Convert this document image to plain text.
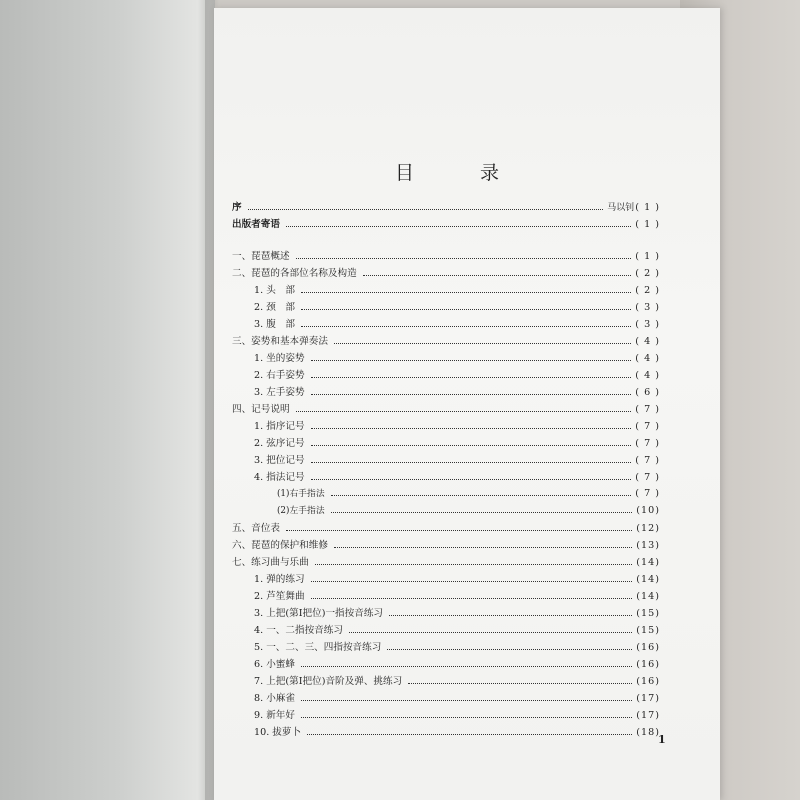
目 录
序	马以钊 ( 1 )
出版者寄语	( 1 )
一、琵琶概述	( 1 )
二、琵琶的各部位名称及构造	( 2 )
1. 头　部	( 2 )
2. 颈　部	( 3 )
3. 腹　部	( 3 )
三、姿势和基本弹奏法	( 4 )
1. 坐的姿势	( 4 )
2. 右手姿势	( 4 )
3. 左手姿势	( 6 )
四、记号说明	( 7 )
1. 指序记号	( 7 )
2. 弦序记号	( 7 )
3. 把位记号	( 7 )
4. 指法记号	( 7 )
(1)右手指法	( 7 )
(2)左手指法	(10)
五、音位表	(12)
六、琵琶的保护和维修	(13)
七、练习曲与乐曲	(14)
1. 弹的练习	(14)
2. 芦笙舞曲	(14)
3. 上把(第Ⅰ把位)一指按音练习	(15)
4. 一、二指按音练习	(15)
5. 一、二、三、四指按音练习	(16)
6. 小蜜蜂	(16)
7. 上把(第Ⅰ把位)音阶及弹、挑练习	(16)
8. 小麻雀	(17)
9. 新年好	(17)
10. 拔萝卜	(18)
1
